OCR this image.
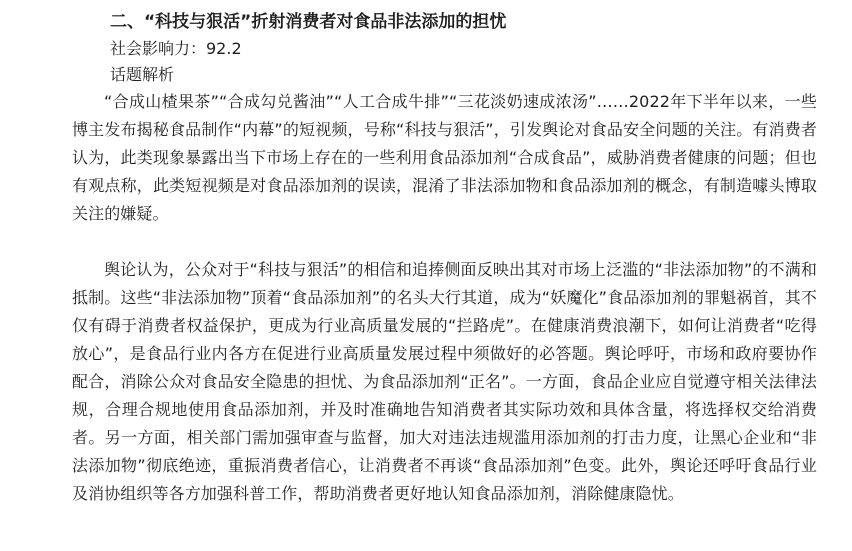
二、“科技与狠活”折射消费者对食品非法添加的担忧
社会影响力：92.2
话题解析

“合成山楂果茶”“合成勾兑酱油”“人工合成牛排”“三花淡奶速成浓汤”……2022年下半年以来，一些博主发布揭秘食品制作“内幕”的短视频，号称“科技与狠活”，引发舆论对食品安全问题的关注。有消费者认为，此类现象暴露出当下市场上存在的一些利用食品添加剂“合成食品”，威胁消费者健康的问题；但也有观点称，此类短视频是对食品添加剂的误读，混淆了非法添加物和食品添加剂的概念，有制造噱头博取关注的嫌疑。

舆论认为，公众对于“科技与狠活”的相信和追捧侧面反映出其对市场上泛滥的“非法添加物”的不满和抵制。这些“非法添加物”顶着“食品添加剂”的名头大行其道，成为“妖魔化”食品添加剂的罪魁祸首，其不仅有碍于消费者权益保护，更成为行业高质量发展的“拦路虎”。在健康消费浪潮下，如何让消费者“吃得放心”，是食品行业内各方在促进行业高质量发展过程中须做好的必答题。舆论呼吁，市场和政府要协作配合，消除公众对食品安全隐患的担忧、为食品添加剂“正名”。一方面，食品企业应自觉遵守相关法律法规，合理合规地使用食品添加剂，并及时准确地告知消费者其实际功效和具体含量，将选择权交给消费者。另一方面，相关部门需加强审查与监督，加大对违法违规滥用添加剂的打击力度，让黑心企业和“非法添加物”彻底绝迹，重振消费者信心，让消费者不再谈“食品添加剂”色变。此外，舆论还呼吁食品行业及消协组织等各方加强科普工作，帮助消费者更好地认知食品添加剂，消除健康隐忧。
